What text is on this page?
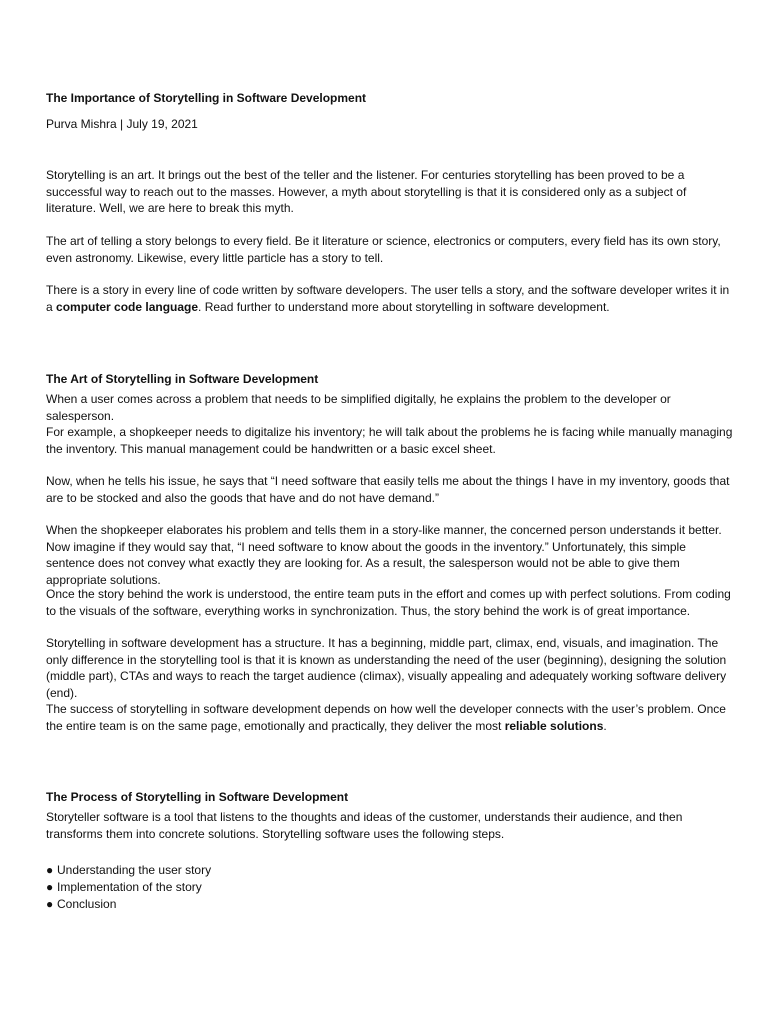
The Importance of Storytelling in Software Development
Purva Mishra | July 19, 2021

Storytelling is an art. It brings out the best of the teller and the listener. For centuries storytelling has been proved to be a successful way to reach out to the masses. However, a myth about storytelling is that it is considered only as a subject of literature. Well, we are here to break this myth.

The art of telling a story belongs to every field. Be it literature or science, electronics or computers, every field has its own story, even astronomy. Likewise, every little particle has a story to tell.

There is a story in every line of code written by software developers. The user tells a story, and the software developer writes it in a computer code language. Read further to understand more about storytelling in software development.

The Art of Storytelling in Software Development

When a user comes across a problem that needs to be simplified digitally, he explains the problem to the developer or salesperson.

For example, a shopkeeper needs to digitalize his inventory; he will talk about the problems he is facing while manually managing the inventory. This manual management could be handwritten or a basic excel sheet.

Now, when he tells his issue, he says that “I need software that easily tells me about the things I have in my inventory, goods that are to be stocked and also the goods that have and do not have demand.”

When the shopkeeper elaborates his problem and tells them in a story-like manner, the concerned person understands it better. Now imagine if they would say that, “I need software to know about the goods in the inventory.” Unfortunately, this simple sentence does not convey what exactly they are looking for. As a result, the salesperson would not be able to give them appropriate solutions.

Once the story behind the work is understood, the entire team puts in the effort and comes up with perfect solutions. From coding to the visuals of the software, everything works in synchronization. Thus, the story behind the work is of great importance.

Storytelling in software development has a structure. It has a beginning, middle part, climax, end, visuals, and imagination. The only difference in the storytelling tool is that it is known as understanding the need of the user (beginning), designing the solution (middle part), CTAs and ways to reach the target audience (climax), visually appealing and adequately working software delivery (end).

The success of storytelling in software development depends on how well the developer connects with the user’s problem. Once the entire team is on the same page, emotionally and practically, they deliver the most reliable solutions.

The Process of Storytelling in Software Development

Storyteller software is a tool that listens to the thoughts and ideas of the customer, understands their audience, and then transforms them into concrete solutions. Storytelling software uses the following steps.

● Understanding the user story
● Implementation of the story
● Conclusion
